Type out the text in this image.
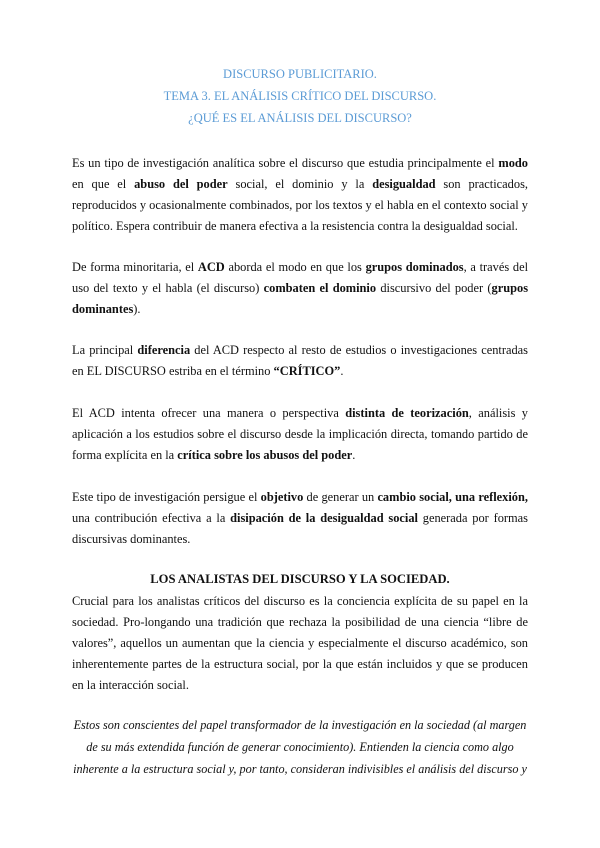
DISCURSO PUBLICITARIO.
TEMA 3. EL ANÁLISIS CRÍTICO DEL DISCURSO.
¿QUÉ ES EL ANÁLISIS DEL DISCURSO?

Es un tipo de investigación analítica sobre el discurso que estudia principalmente el modo en que el abuso del poder social, el dominio y la desigualdad son practicados, reproducidos y ocasionalmente combinados, por los textos y el habla en el contexto social y político. Espera contribuir de manera efectiva a la resistencia contra la desigualdad social.

De forma minoritaria, el ACD aborda el modo en que los grupos dominados, a través del uso del texto y el habla (el discurso) combaten el dominio discursivo del poder (grupos dominantes).

La principal diferencia del ACD respecto al resto de estudios o investigaciones centradas en EL DISCURSO estriba en el término “CRÍTICO”.

El ACD intenta ofrecer una manera o perspectiva distinta de teorización, análisis y aplicación a los estudios sobre el discurso desde la implicación directa, tomando partido de forma explícita en la crítica sobre los abusos del poder.

Este tipo de investigación persigue el objetivo de generar un cambio social, una reflexión, una contribución efectiva a la disipación de la desigualdad social generada por formas discursivas dominantes.

LOS ANALISTAS DEL DISCURSO Y LA SOCIEDAD.

Crucial para los analistas críticos del discurso es la conciencia explícita de su papel en la sociedad. Pro-longando una tradición que rechaza la posibilidad de una ciencia “libre de valores”, aquellos un aumentan que la ciencia y especialmente el discurso académico, son inherentemente partes de la estructura social, por la que están incluidos y que se producen en la interacción social.

Estos son conscientes del papel transformador de la investigación en la sociedad (al margen

de su más extendida función de generar conocimiento). Entienden la ciencia como algo

inherente a la estructura social y, por tanto, consideran indivisibles el análisis del discurso y
